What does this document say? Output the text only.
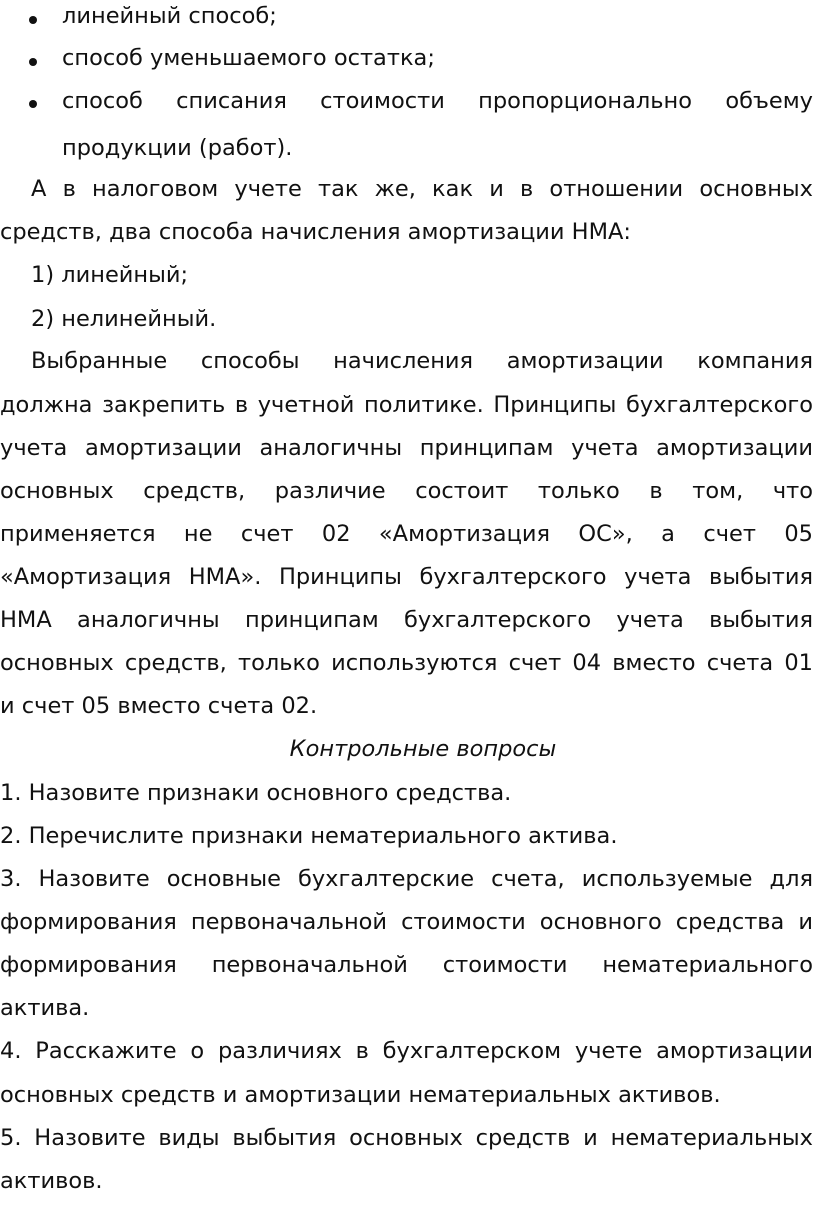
линейный способ;
способ уменьшаемого остатка;
способ списания стоимости пропорционально объему
продукции (работ).
А в налоговом учете так же, как и в отношении основных
средств, два способа начисления амортизации НМА:
1) линейный;
2) нелинейный.
Выбранные способы начисления амортизации компания
должна закрепить в учетной политике. Принципы бухгалтерского
учета амортизации аналогичны принципам учета амортизации
основных средств, различие состоит только в том, что
применяется не счет 02 «Амортизация ОС», а счет 05
«Амортизация НМА». Принципы бухгалтерского учета выбытия
НМА аналогичны принципам бухгалтерского учета выбытия
основных средств, только используются счет 04 вместо счета 01
и счет 05 вместо счета 02.
Контрольные вопросы
1. Назовите признаки основного средства.
2. Перечислите признаки нематериального актива.
3. Назовите основные бухгалтерские счета, используемые для
формирования первоначальной стоимости основного средства и
формирования первоначальной стоимости нематериального
актива.
4. Расскажите о различиях в бухгалтерском учете амортизации
основных средств и амортизации нематериальных активов.
5. Назовите виды выбытия основных средств и нематериальных
активов.
